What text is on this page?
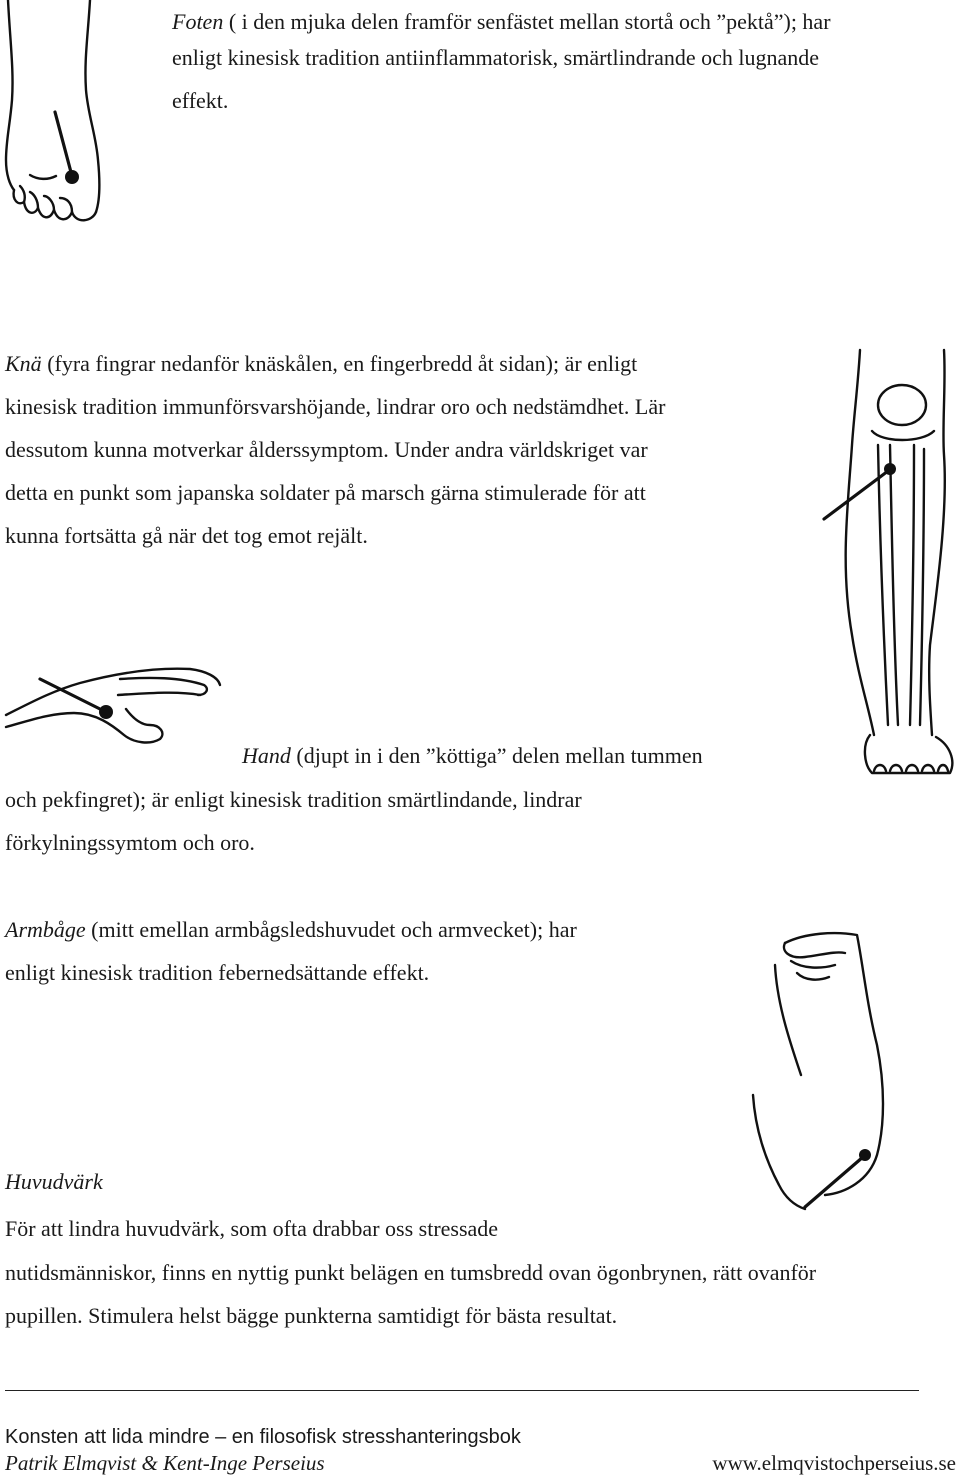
Foten ( i den mjuka delen framför senfästet mellan stortå och ”pektå”); har

enligt kinesisk tradition antiinflammatorisk, smärtlindrande och lugnande

effekt.

Knä (fyra fingrar nedanför knäskålen, en fingerbredd åt sidan); är enligt

kinesisk tradition immunförsvarshöjande, lindrar oro och nedstämdhet. Lär

dessutom kunna motverkar ålderssymptom. Under andra världskriget var

detta en punkt som japanska soldater på marsch gärna stimulerade för att

kunna fortsätta gå när det tog emot rejält.

Hand (djupt in i den ”köttiga” delen mellan tummen

och pekfingret); är enligt kinesisk tradition smärtlindande, lindrar

förkylningssymtom och oro.

Armbåge (mitt emellan armbågsledshuvudet och armvecket); har

enligt kinesisk tradition febernedsättande effekt.

Huvudvärk

För att lindra huvudvärk, som ofta drabbar oss stressade

nutidsmänniskor, finns en nyttig punkt belägen en tumsbredd ovan ögonbrynen, rätt ovanför

pupillen. Stimulera helst bägge punkterna samtidigt för bästa resultat.

Konsten att lida mindre – en filosofisk stresshanteringsbok
Patrik Elmqvist & Kent-Inge Perseius	www.elmqvistochperseius.se
